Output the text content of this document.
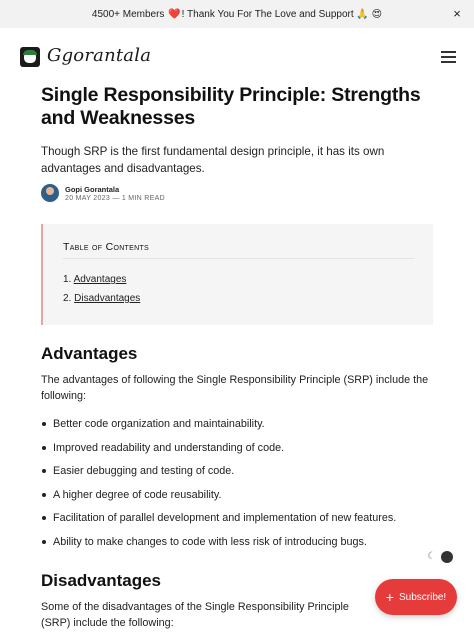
4500+ Members
❤️ ! Thank You For The Love and Support 🙏 😍	×
Ggorantala
Single Responsibility Principle: Strengths and Weaknesses

Though SRP is the first fundamental design principle, it has its own advantages and disadvantages.

Gopi Gorantala
20 MAY 2023 — 1 MIN READ
Table of Contents
1. Advantages
2. Disadvantages
Advantages

The advantages of following the Single Responsibility Principle (SRP) include the following:

Better code organization and maintainability.
Improved readability and understanding of code.
Easier debugging and testing of code.
A higher degree of code reusability.
Facilitation of parallel development and implementation of new features.
Ability to make changes to code with less risk of introducing bugs.
Disadvantages

Some of the disadvantages of the Single Responsibility Principle (SRP) include the following:

☾
+ Subscribe!
